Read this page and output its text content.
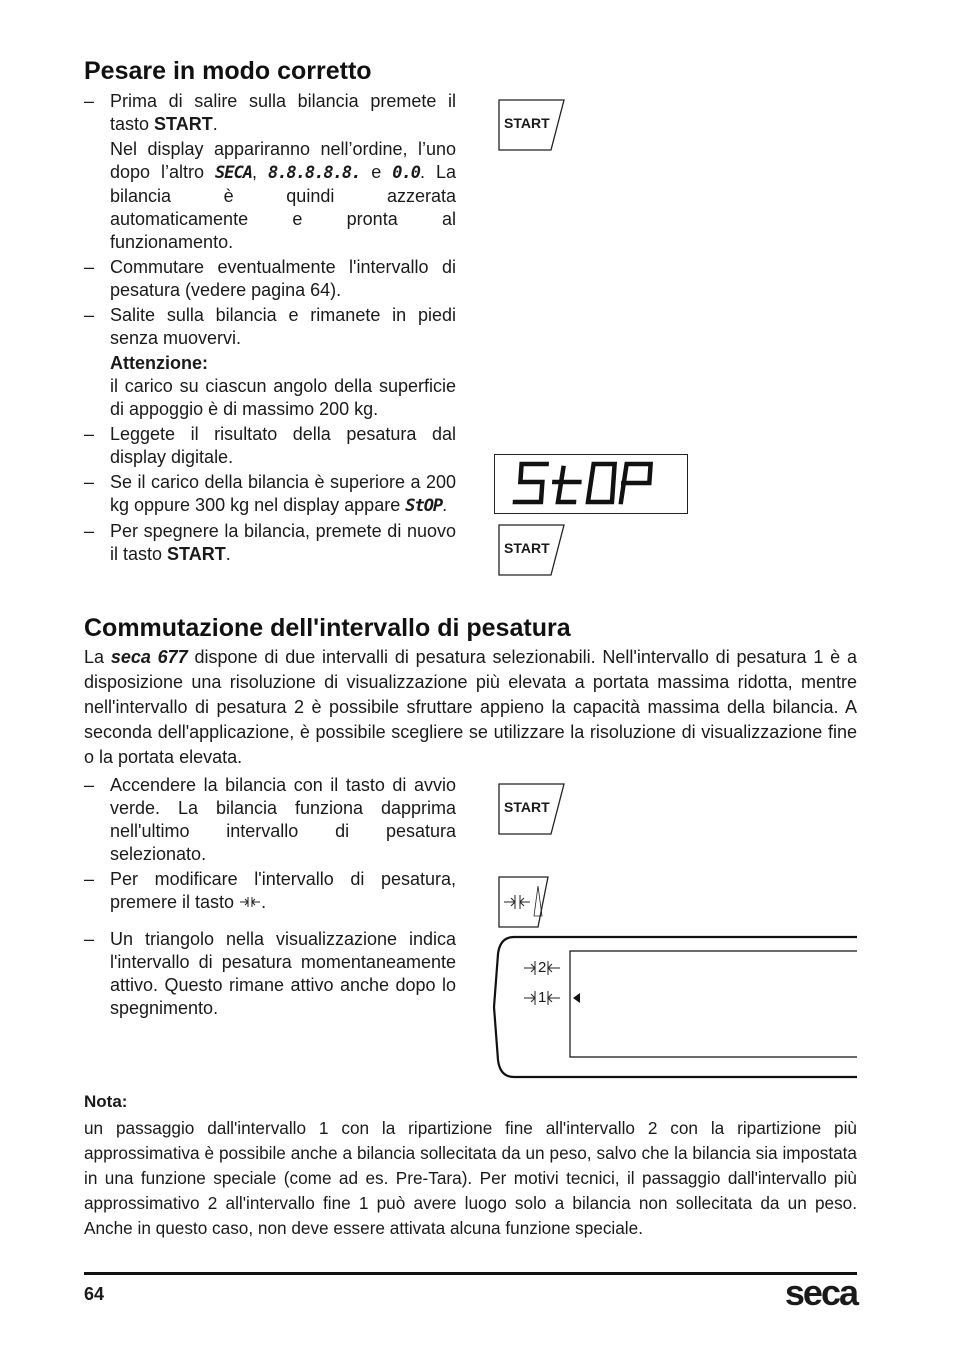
Pesare in modo corretto
– Prima di salire sulla bilancia premete il tasto START.

Nel display appariranno nell’ordine, l’uno dopo l’altro SECA, 8.8.8.8.8. e 0.0. La bilancia è quindi azzerata automaticamente e pronta al funzionamento.

– Commutare eventualmente l'intervallo di pesatura (vedere pagina 64).

– Salite sulla bilancia e rimanete in piedi senza muovervi.

Attenzione:

il carico su ciascun angolo della superficie di appoggio è di massimo 200 kg.

– Leggete il risultato della pesatura dal display digitale.

– Se il carico della bilancia è superiore a 200 kg oppure 300 kg nel display appare StOP.

– Per spegnere la bilancia, premete di nuovo il tasto START.

START
START
Commutazione dell'intervallo di pesatura
La seca 677 dispone di due intervalli di pesatura selezionabili. Nell'intervallo di pesatura 1 è a disposizione una risoluzione di visualizzazione più elevata a portata massima ridotta, mentre nell'intervallo di pesatura 2 è possibile sfruttare appieno la capacità massima della bilancia. A seconda dell'applicazione, è possibile scegliere se utilizzare la risoluzione di visualizzazione fine o la portata elevata.
– Accendere la bilancia con il tasto di avvio verde. La bilancia funziona dapprima nell'ultimo intervallo di pesatura selezionato.

– Per modificare l'intervallo di pesatura, premere il tasto .

– Un triangolo nella visualizzazione indica l'intervallo di pesatura momentaneamente attivo. Questo rimane attivo anche dopo lo spegnimento.

START
2
1
Nota:
un passaggio dall'intervallo 1 con la ripartizione fine all'intervallo 2 con la ripartizione più approssimativa è possibile anche a bilancia sollecitata da un peso, salvo che la bilancia sia impostata in una funzione speciale (come ad es. Pre-Tara). Per motivi tecnici, il passaggio dall'intervallo più approssimativo 2 all'intervallo fine 1 può avere luogo solo a bilancia non sollecitata da un peso. Anche in questo caso, non deve essere attivata alcuna funzione speciale.
64	seca
